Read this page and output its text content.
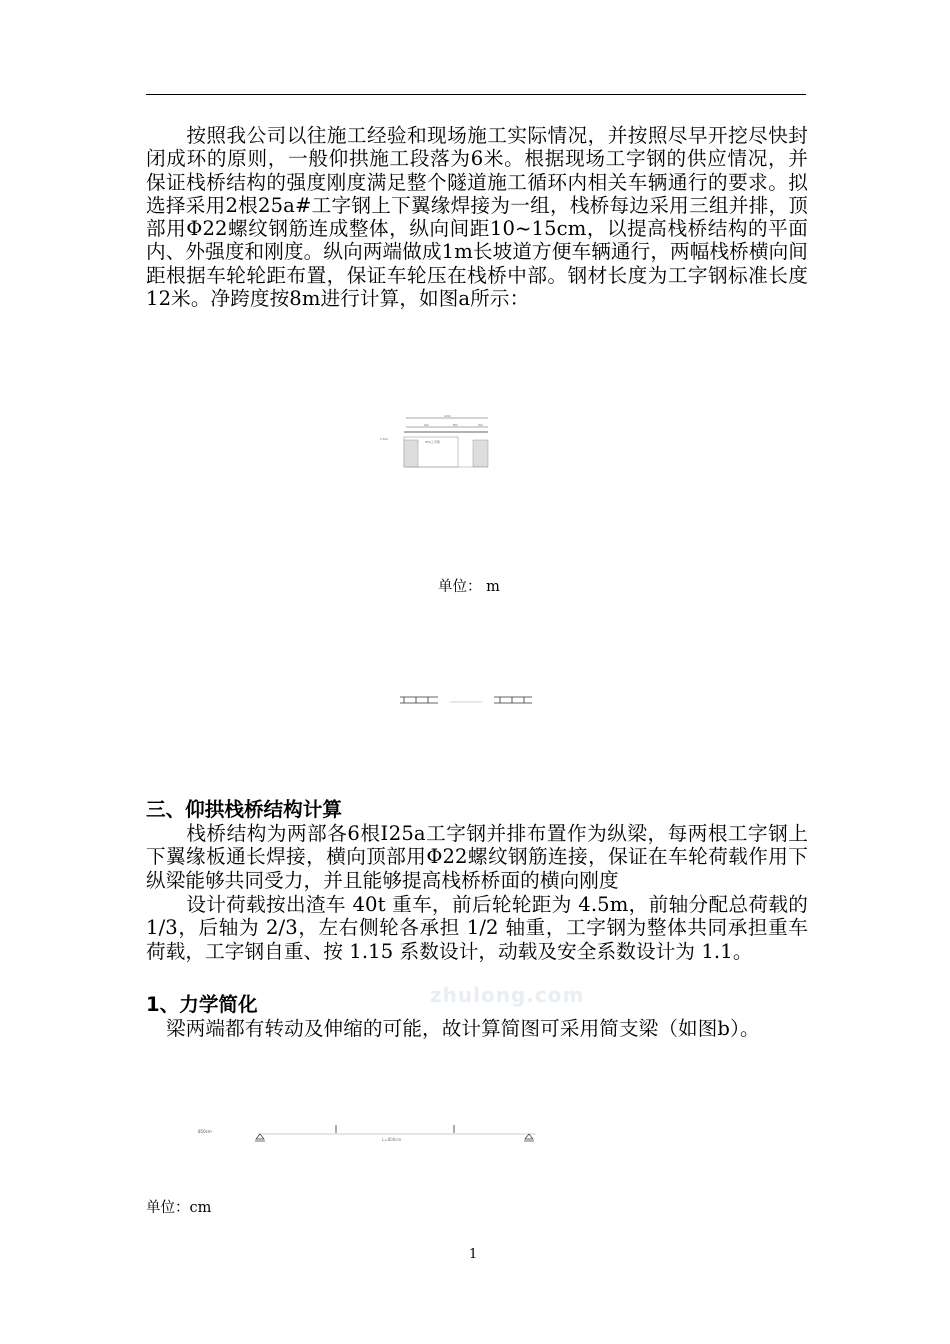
按照我公司以往施工经验和现场施工实际情况，并按照尽早开挖尽快封闭成环的原则，一般仰拱施工段落为6米。根据现场工字钢的供应情况，并保证栈桥结构的强度刚度满足整个隧道施工循环内相关车辆通行的要求。拟选择采用2根25a#工字钢上下翼缘焊接为一组，栈桥每边采用三组并排，顶部用Φ22螺纹钢筋连成整体，纵向间距10~15cm，以提高栈桥结构的平面内、外强度和刚度。纵向两端做成1m长坡道方便车辆通行，两幅栈桥横向间距根据车轮轮距布置，保证车轮压在栈桥中部。钢材长度为工字钢标准长度12米。净跨度按8m进行计算，如图a所示：

12m
2m	8m	2m
1.5m
25a工字钢

单位： m

三、仰拱栈桥结构计算

栈桥结构为两部各6根Ⅰ25a工字钢并排布置作为纵梁，每两根工字钢上下翼缘板通长焊接，横向顶部用Φ22螺纹钢筋连接，保证在车轮荷载作用下纵梁能够共同受力，并且能够提高栈桥桥面的横向刚度

设计荷载按出渣车 40t 重车，前后轮轮距为 4.5m，前轴分配总荷载的 1/3，后轴为 2/3，左右侧轮各承担 1/2 轴重，工字钢为整体共同承担重车荷载，工字钢自重、按 1.15 系数设计，动载及安全系数设计为 1.1。

zhulong.com

1、力学简化

梁两端都有转动及伸缩的可能，故计算简图可采用简支梁（如图b）。

850cm
L=800cm

单位：cm

1
